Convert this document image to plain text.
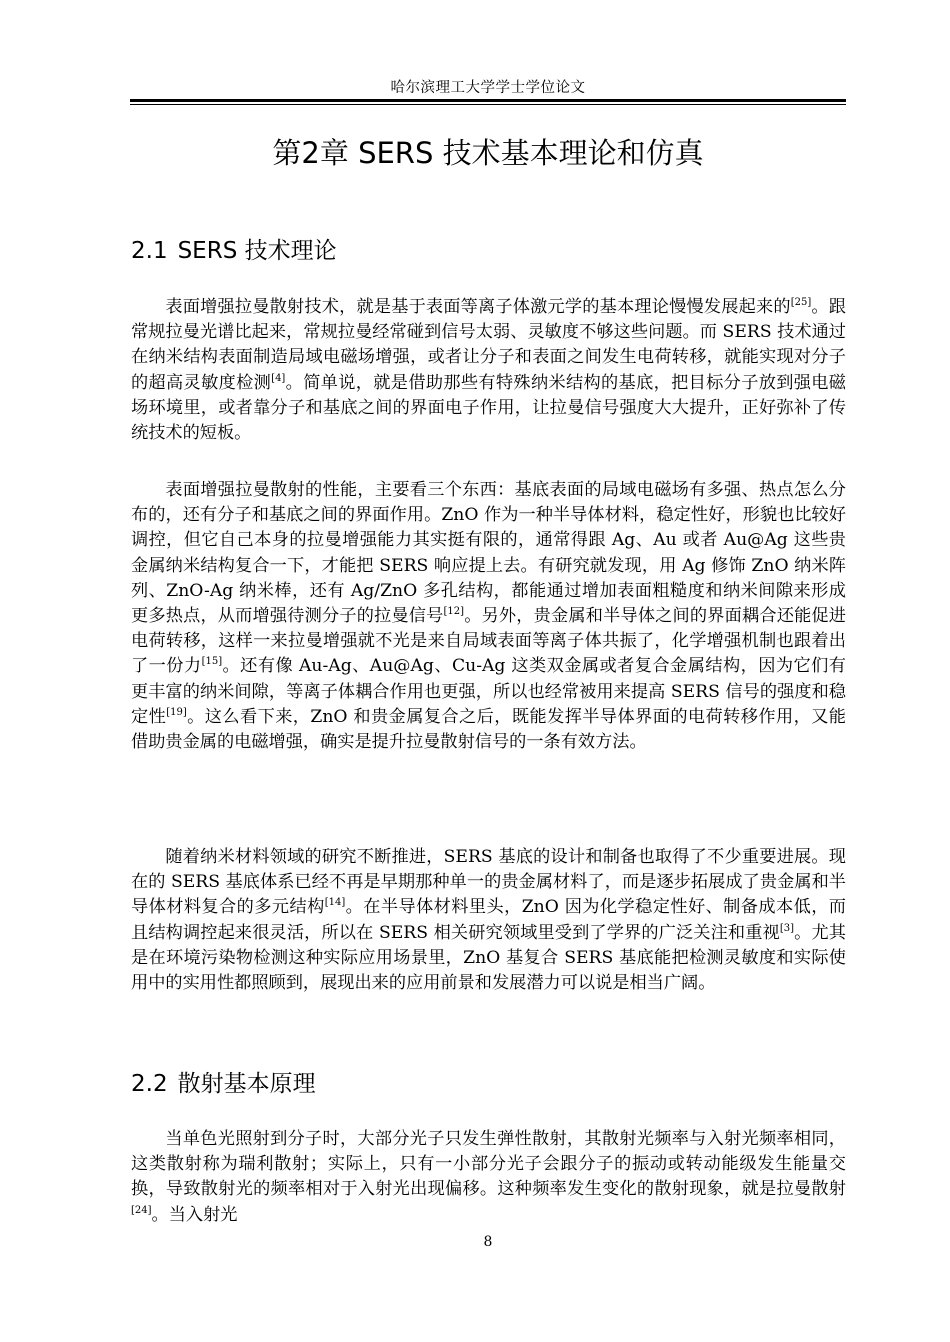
哈尔滨理工大学学士学位论文
第2章 SERS 技术基本理论和仿真
2.1 SERS 技术理论

表面增强拉曼散射技术，就是基于表面等离子体激元学的基本理论慢慢发展起来的[25]。跟常规拉曼光谱比起来，常规拉曼经常碰到信号太弱、灵敏度不够这些问题。而 SERS 技术通过在纳米结构表面制造局域电磁场增强，或者让分子和表面之间发生电荷转移，就能实现对分子的超高灵敏度检测[4]。简单说，就是借助那些有特殊纳米结构的基底，把目标分子放到强电磁场环境里，或者靠分子和基底之间的界面电子作用，让拉曼信号强度大大提升，正好弥补了传统技术的短板。

表面增强拉曼散射的性能，主要看三个东西：基底表面的局域电磁场有多强、热点怎么分布的，还有分子和基底之间的界面作用。ZnO 作为一种半导体材料，稳定性好，形貌也比较好调控，但它自己本身的拉曼增强能力其实挺有限的，通常得跟 Ag、Au 或者 Au@Ag 这些贵金属纳米结构复合一下，才能把 SERS 响应提上去。有研究就发现，用 Ag 修饰 ZnO 纳米阵列、ZnO-Ag 纳米棒，还有 Ag/ZnO 多孔结构，都能通过增加表面粗糙度和纳米间隙来形成更多热点，从而增强待测分子的拉曼信号[12]。另外，贵金属和半导体之间的界面耦合还能促进电荷转移，这样一来拉曼增强就不光是来自局域表面等离子体共振了，化学增强机制也跟着出了一份力[15]。还有像 Au-Ag、Au@Ag、Cu-Ag 这类双金属或者复合金属结构，因为它们有更丰富的纳米间隙，等离子体耦合作用也更强，所以也经常被用来提高 SERS 信号的强度和稳定性[19]。这么看下来，ZnO 和贵金属复合之后，既能发挥半导体界面的电荷转移作用，又能借助贵金属的电磁增强，确实是提升拉曼散射信号的一条有效方法。

随着纳米材料领域的研究不断推进，SERS 基底的设计和制备也取得了不少重要进展。现在的 SERS 基底体系已经不再是早期那种单一的贵金属材料了，而是逐步拓展成了贵金属和半导体材料复合的多元结构[14]。在半导体材料里头，ZnO 因为化学稳定性好、制备成本低，而且结构调控起来很灵活，所以在 SERS 相关研究领域里受到了学界的广泛关注和重视[3]。尤其是在环境污染物检测这种实际应用场景里，ZnO 基复合 SERS 基底能把检测灵敏度和实际使用中的实用性都照顾到，展现出来的应用前景和发展潜力可以说是相当广阔。

2.2 散射基本原理

当单色光照射到分子时，大部分光子只发生弹性散射，其散射光频率与入射光频率相同，这类散射称为瑞利散射；实际上，只有一小部分光子会跟分子的振动或转动能级发生能量交换，导致散射光的频率相对于入射光出现偏移。这种频率发生变化的散射现象，就是拉曼散射[24]。当入射光

8
